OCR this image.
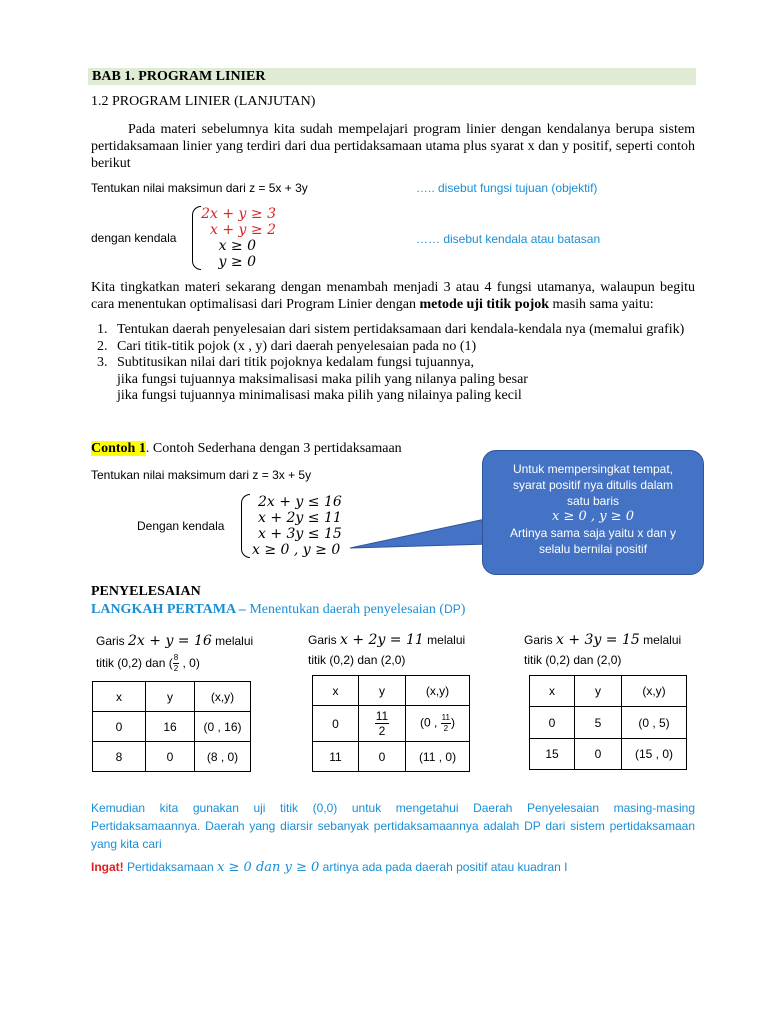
BAB 1. PROGRAM LINIER
1.2 PROGRAM LINIER (LANJUTAN)
Pada materi sebelumnya kita sudah mempelajari program linier dengan kendalanya berupa sistem pertidaksamaan linier yang terdiri dari dua pertidaksamaan utama plus syarat x dan y positif, seperti contoh berikut
Tentukan nilai maksimun dari z = 5x + 3y	….. disebut fungsi tujuan (objektif)
dengan kendala
2𝑥 + 𝑦 ≥ 3
𝑥 + 𝑦 ≥ 2
𝑥 ≥ 0
𝑦 ≥ 0
…… disebut kendala atau batasan
Kita tingkatkan materi sekarang dengan menambah menjadi 3 atau 4 fungsi utamanya, walaupun begitu cara menentukan optimalisasi dari Program Linier dengan metode uji titik pojok masih sama yaitu:
1. Tentukan daerah penyelesaian dari sistem pertidaksamaan dari kendala-kendala nya (memalui grafik)
2. Cari titik-titik pojok (x , y) dari daerah penyelesaian pada no (1)
3. Subtitusikan nilai dari titik pojoknya kedalam fungsi tujuannya,
jika fungsi tujuannya maksimalisasi maka pilih yang nilanya paling besar
jika fungsi tujuannya minimalisasi maka pilih yang nilainya paling kecil
Contoh 1. Contoh Sederhana dengan 3 pertidaksamaan
Tentukan nilai maksimum dari z = 3x + 5y
Dengan kendala
2𝑥 + 𝑦 ≤ 16
𝑥 + 2𝑦 ≤ 11
𝑥 + 3𝑦 ≤ 15
𝑥 ≥ 0 , 𝑦 ≥ 0
Untuk mempersingkat tempat,
syarat positif nya ditulis dalam
satu baris
𝑥 ≥ 0 , 𝑦 ≥ 0
Artinya sama saja yaitu x dan y
selalu bernilai positif
PENYELESAIAN
LANGKAH PERTAMA – Menentukan daerah penyelesaian (DP)
Garis 2𝑥 + 𝑦 = 16 melalui
titik (0,2) dan ( $\frac{8}{2}$ , 0)
x	y	(x,y)
0	16	(0 , 16)
8	0	(8 , 0)
Garis 𝑥 + 2𝑦 = 11 melalui
titik (0,2) dan (2,0)
x	y	(x,y)
0	$\frac{11}{2}$	(0 , $\frac{11}{2}$ )
11	0	(11 , 0)
Garis 𝑥 + 3𝑦 = 15 melalui
titik (0,2) dan (2,0)
x	y	(x,y)
0	5	(0 , 5)
15	0	(15 , 0)
Kemudian kita gunakan uji titik (0,0) untuk mengetahui Daerah Penyelesaian masing-masing Pertidaksamaannya. Daerah yang diarsir sebanyak pertidaksamaannya adalah DP dari sistem pertidaksamaan yang kita cari
Ingat! Pertidaksamaan 𝑥 ≥ 0 𝑑𝑎𝑛 𝑦 ≥ 0 artinya ada pada daerah positif atau kuadran I
